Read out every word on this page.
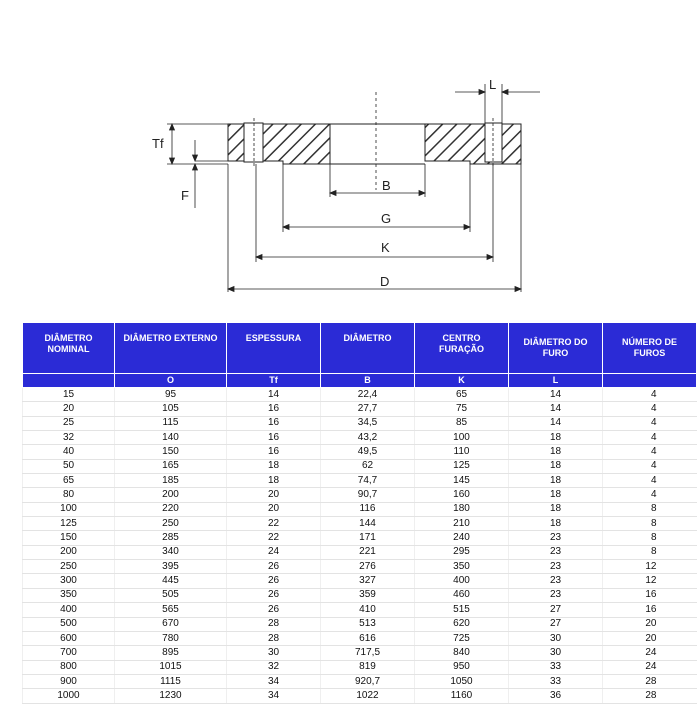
L
Tf
F
B
G
K
D
DIÂMETRO NOMINAL	DIÂMETRO EXTERNO	ESPESSURA	DIÂMETRO	CENTRO FURAÇÃO	DIÂMETRO DO FURO	NÚMERO DE FUROS
	O	Tf	B	K	L	
15	95	14	22,4	65	14	4
20	105	16	27,7	75	14	4
25	115	16	34,5	85	14	4
32	140	16	43,2	100	18	4
40	150	16	49,5	110	18	4
50	165	18	62	125	18	4
65	185	18	74,7	145	18	4
80	200	20	90,7	160	18	4
100	220	20	116	180	18	8
125	250	22	144	210	18	8
150	285	22	171	240	23	8
200	340	24	221	295	23	8
250	395	26	276	350	23	12
300	445	26	327	400	23	12
350	505	26	359	460	23	16
400	565	26	410	515	27	16
500	670	28	513	620	27	20
600	780	28	616	725	30	20
700	895	30	717,5	840	30	24
800	1015	32	819	950	33	24
900	1115	34	920,7	1050	33	28
1000	1230	34	1022	1160	36	28
